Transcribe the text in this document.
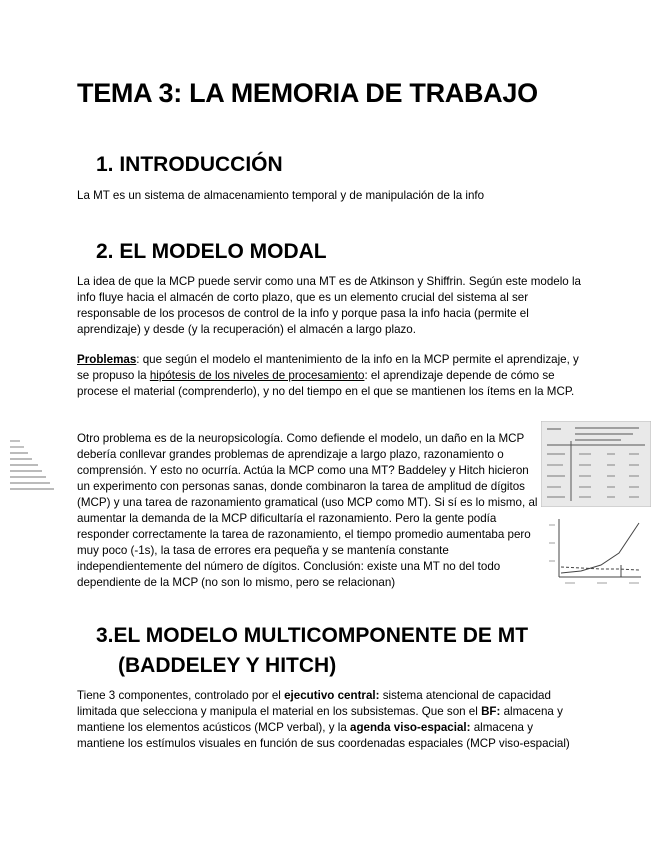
TEMA 3: LA MEMORIA DE TRABAJO
1. INTRODUCCIÓN

La MT es un sistema de almacenamiento temporal y de manipulación de la info

2. EL MODELO MODAL

La idea de que la MCP puede servir como una MT es de Atkinson y Shiffrin. Según este modelo la info fluye hacia el almacén de corto plazo, que es un elemento crucial del sistema al ser responsable de los procesos de control de la info y porque pasa la info hacia (permite el aprendizaje) y desde (y la recuperación) el almacén a largo plazo.

Problemas: que según el modelo el mantenimiento de la info en la MCP permite el aprendizaje, y se propuso la hipótesis de los niveles de procesamiento: el aprendizaje depende de cómo se procese el material (comprenderlo), y no del tiempo en el que se mantienen los ítems en la MCP.

Otro problema es de la neuropsicología. Como defiende el modelo, un daño en la MCP debería conllevar grandes problemas de aprendizaje a largo plazo, razonamiento o comprensión. Y esto no ocurría. Actúa la MCP como una MT? Baddeley y Hitch hicieron un experimento con personas sanas, donde combinaron la tarea de amplitud de dígitos (MCP) y una tarea de razonamiento gramatical (uso MCP como MT). Si sí es lo mismo, al aumentar la demanda de la MCP dificultaría el razonamiento. Pero la gente podía responder correctamente la tarea de razonamiento, el tiempo promedio aumentaba pero muy poco (-1s), la tasa de errores era pequeña y se mantenía constante independientemente del número de dígitos. Conclusión: existe una MT no del todo dependiente de la MCP (no son lo mismo, pero se relacionan)

3.EL MODELO MULTICOMPONENTE DE MT
(BADDELEY Y HITCH)

Tiene 3 componentes, controlado por el ejecutivo central: sistema atencional de capacidad limitada que selecciona y manipula el material en los subsistemas. Que son el BF: almacena y mantiene los elementos acústicos (MCP verbal), y la agenda viso-espacial: almacena y mantiene los estímulos visuales en función de sus coordenadas espaciales (MCP viso-espacial)
